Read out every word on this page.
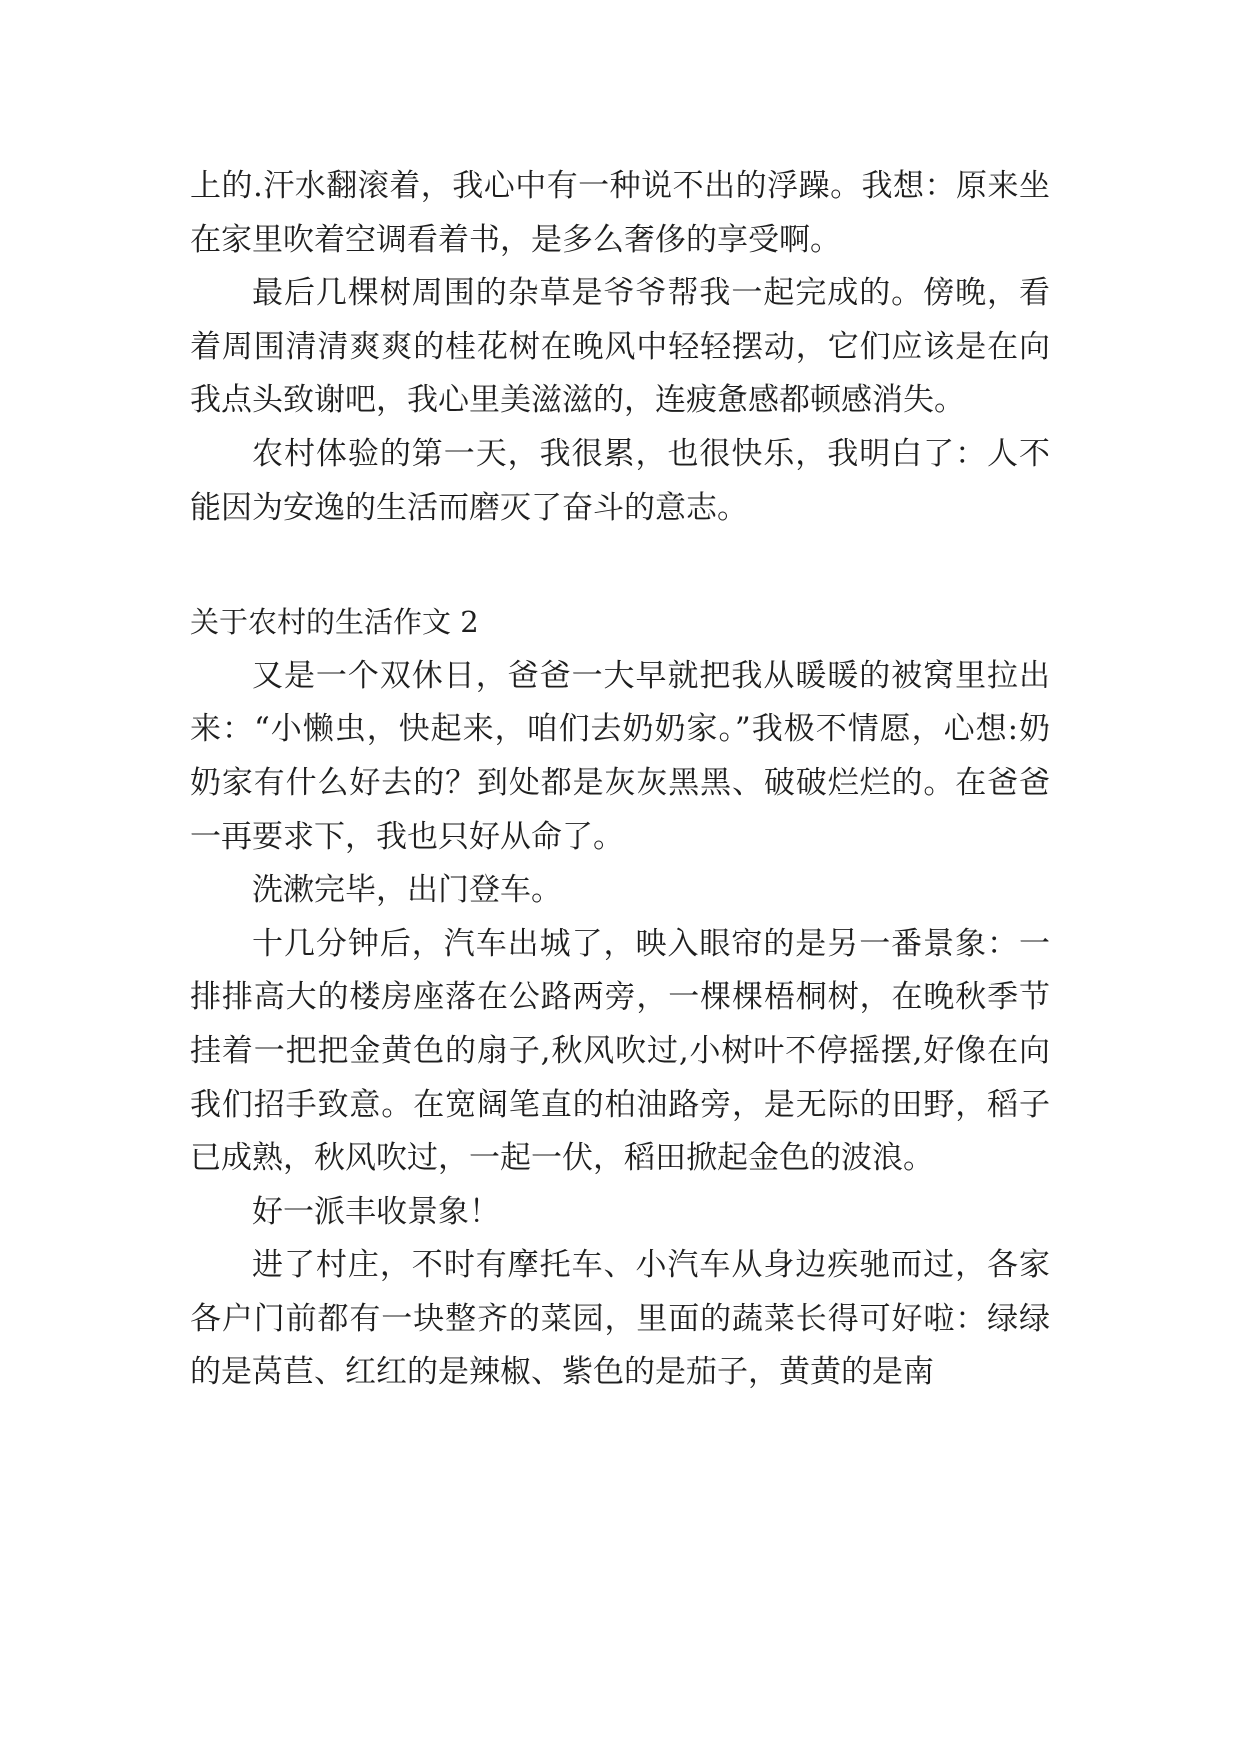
上的.汗水翻滚着，我心中有一种说不出的浮躁。我想：原来坐在家里吹着空调看着书，是多么奢侈的享受啊。

最后几棵树周围的杂草是爷爷帮我一起完成的。傍晚，看着周围清清爽爽的桂花树在晚风中轻轻摆动，它们应该是在向我点头致谢吧，我心里美滋滋的，连疲惫感都顿感消失。

农村体验的第一天，我很累，也很快乐，我明白了：人不能因为安逸的生活而磨灭了奋斗的意志。

关于农村的生活作文 2

又是一个双休日，爸爸一大早就把我从暖暖的被窝里拉出来：“小懒虫，快起来，咱们去奶奶家。”我极不情愿，心想:奶奶家有什么好去的？到处都是灰灰黑黑、破破烂烂的。在爸爸一再要求下，我也只好从命了。

洗漱完毕，出门登车。

十几分钟后，汽车出城了，映入眼帘的是另一番景象：一排排高大的楼房座落在公路两旁，一棵棵梧桐树，在晚秋季节挂着一把把金黄色的扇子,秋风吹过,小树叶不停摇摆,好像在向我们招手致意。在宽阔笔直的柏油路旁，是无际的田野，稻子已成熟，秋风吹过，一起一伏，稻田掀起金色的波浪。

好一派丰收景象！

进了村庄，不时有摩托车、小汽车从身边疾驰而过，各家各户门前都有一块整齐的菜园，里面的蔬菜长得可好啦：绿绿的是莴苣、红红的是辣椒、紫色的是茄子，黄黄的是南
